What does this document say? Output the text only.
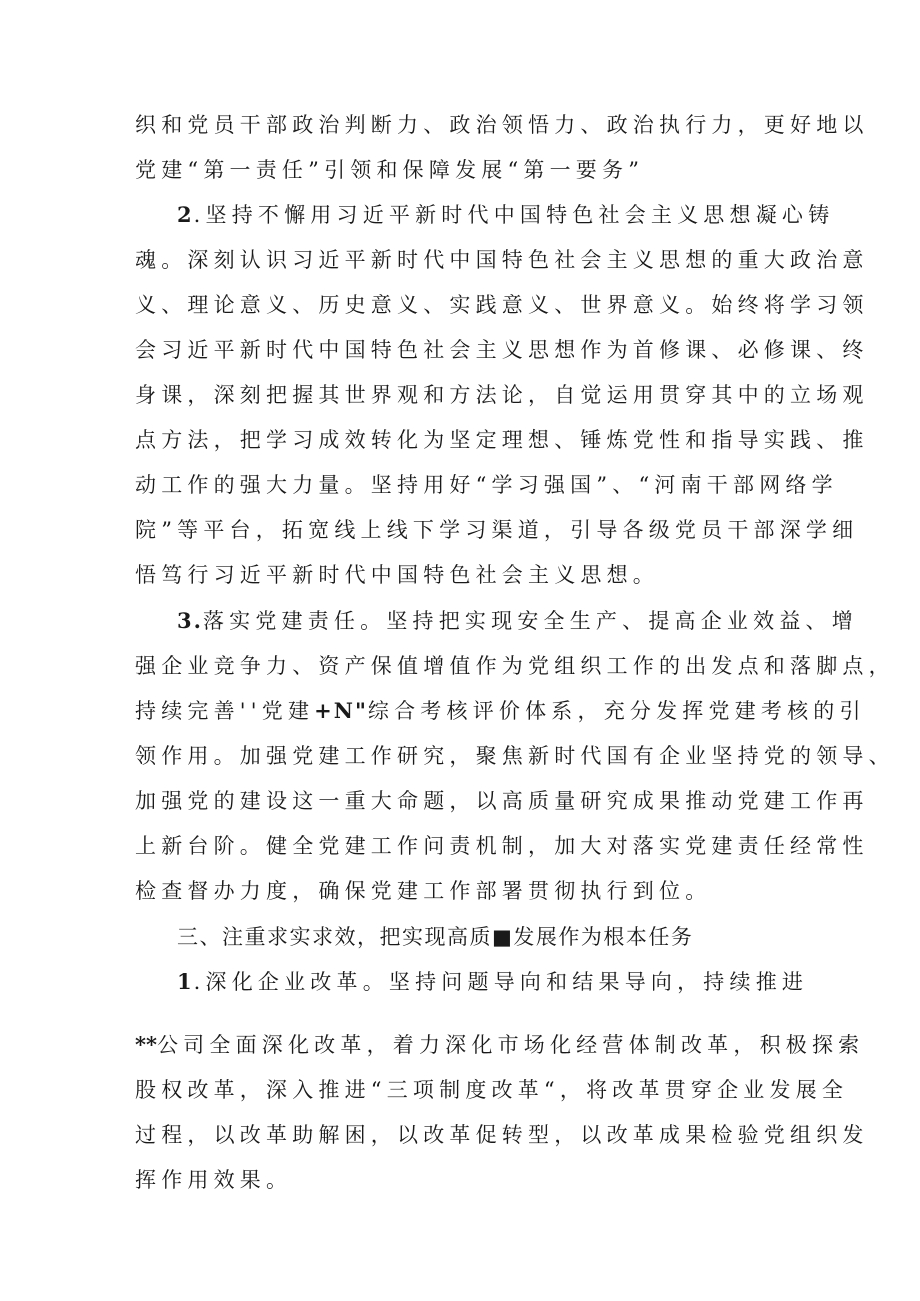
织和党员干部政治判断力、政治领悟力、政治执行力，更好地以
党建“第一责任”引领和保障发展“第一要务”
2.坚持不懈用习近平新时代中国特色社会主义思想凝心铸
魂。深刻认识习近平新时代中国特色社会主义思想的重大政治意
义、理论意义、历史意义、实践意义、世界意义。始终将学习领
会习近平新时代中国特色社会主义思想作为首修课、必修课、终
身课，深刻把握其世界观和方法论，自觉运用贯穿其中的立场观
点方法，把学习成效转化为坚定理想、锤炼党性和指导实践、推
动工作的强大力量。坚持用好“学习强国”、“河南干部网络学
院”等平台，拓宽线上线下学习渠道，引导各级党员干部深学细
悟笃行习近平新时代中国特色社会主义思想。
3.落实党建责任。坚持把实现安全生产、提高企业效益、增
强企业竞争力、资产保值增值作为党组织工作的出发点和落脚点，
持续完善''党建+N"综合考核评价体系，充分发挥党建考核的引
领作用。加强党建工作研究，聚焦新时代国有企业坚持党的领导、
加强党的建设这一重大命题，以高质量研究成果推动党建工作再
上新台阶。健全党建工作问责机制，加大对落实党建责任经常性
检查督办力度，确保党建工作部署贯彻执行到位。
三、注重求实求效，把实现高质■发展作为根本任务
1.深化企业改革。坚持问题导向和结果导向，持续推进
**公司全面深化改革，着力深化市场化经营体制改革，积极探索
股权改革，深入推进“三项制度改革“，将改革贯穿企业发展全
过程，以改革助解困，以改革促转型，以改革成果检验党组织发
挥作用效果。
